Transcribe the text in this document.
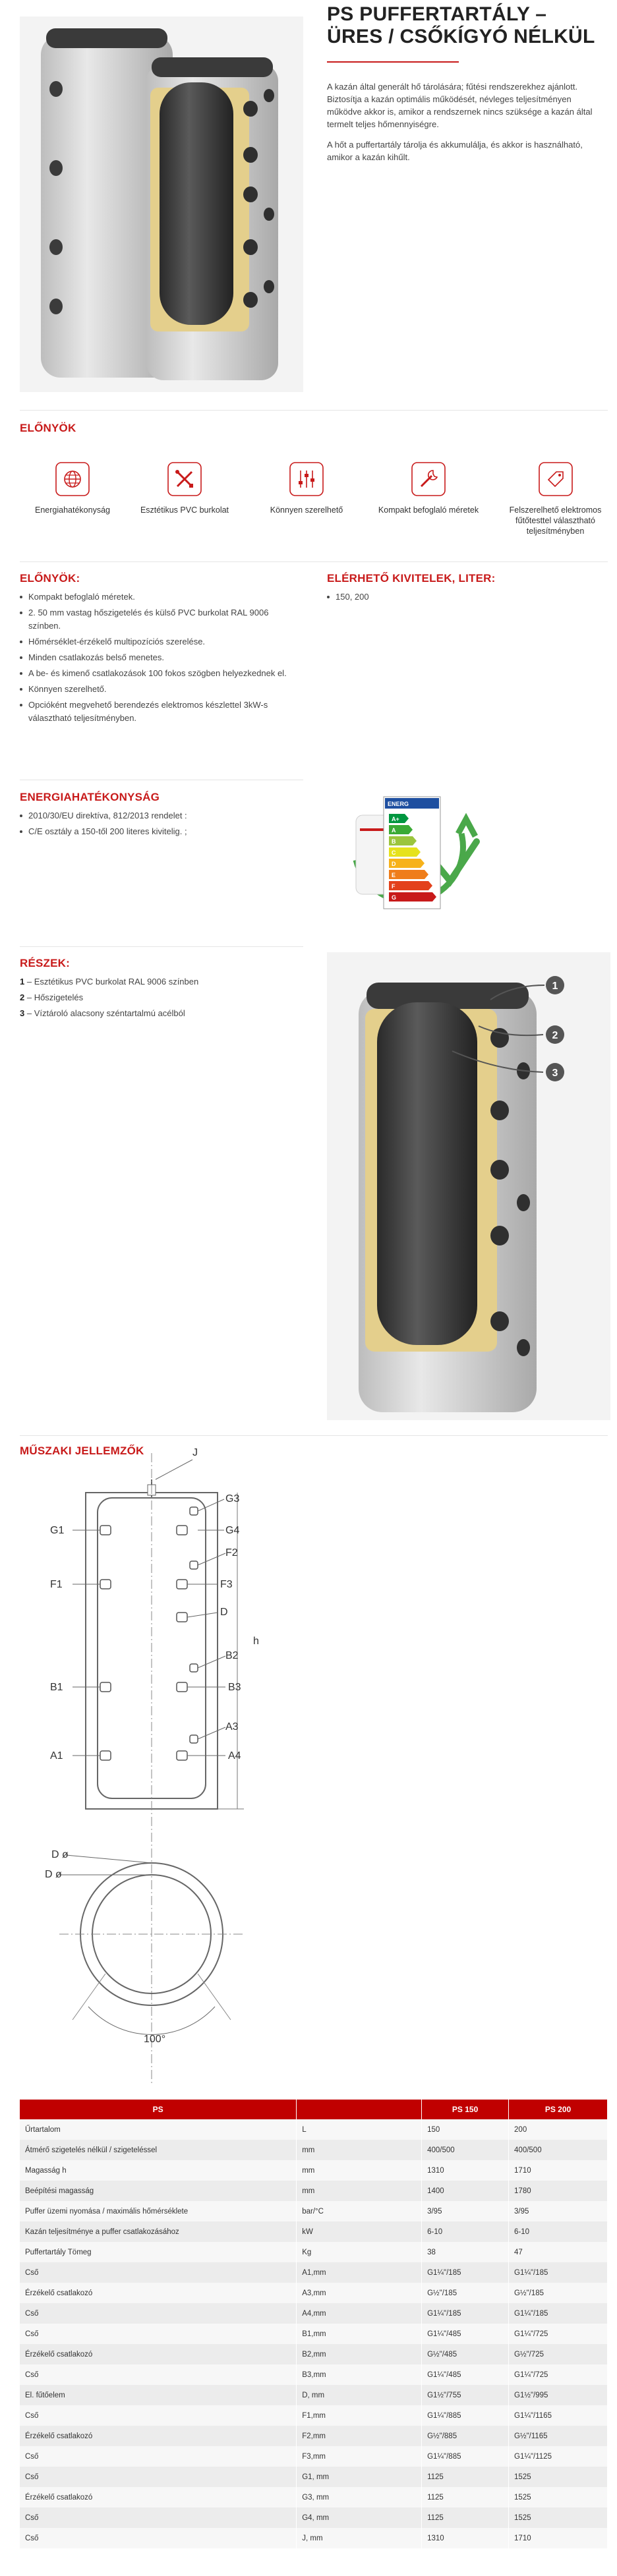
PS PUFFERTARTÁLY – ÜRES / CSŐKÍGYÓ NÉLKÜL

A kazán által generált hő tárolására; fűtési rendszerekhez ajánlott. Biztosítja a kazán optimális működését, névleges teljesítményen működve akkor is, amikor a rendszernek nincs szüksége a kazán által termelt teljes hőmennyiségre.

A hőt a puffertartály tárolja és akkumulálja, és akkor is használható, amikor a kazán kihűlt.

ELŐNYÖK
Energiahatékonyság	Esztétikus PVC burkolat	Könnyen szerelhető	Kompakt befoglaló méretek	Felszerelhető elektromos fűtőtesttel választható teljesítményben
ELŐNYÖK:
Kompakt befoglaló méretek.
2. 50 mm vastag hőszigetelés és külső PVC burkolat RAL 9006 színben.
Hőmérséklet-érzékelő multipozíciós szerelése.
Minden csatlakozás belső menetes.
A be- és kimenő csatlakozások 100 fokos szögben helyezkednek el.
Könnyen szerelhető.
Opcióként megvehető berendezés elektromos készlettel 3kW-s választható teljesítményben.
ELÉRHETŐ KIVITELEK, LITER:
150, 200
ENERGIAHATÉKONYSÁG
2010/30/EU direktíva, 812/2013 rendelet :
C/E osztály a 150-től 200 literes kivitelig. ;
ENERG
A+
A
B
C
D
E
F
G
RÉSZEK:

1 – Esztétikus PVC burkolat RAL 9006 színben

2 – Hőszigetelés

3 – Víztároló alacsony széntartalmú acélból

1
2
3
MŰSZAKI JELLEMZŐK	J
G3
G1	G4
F2
F1	F3
D
h
B2
B1	B3
A3
A1	A4
D ø
D ø
100°
PS		PS 150	PS 200
Űrtartalom	L	150	200
Átmérő szigetelés nélkül / szigeteléssel	mm	400/500	400/500
Magasság h	mm	1310	1710
Beépítési magasság	mm	1400	1780
Puffer üzemi nyomása / maximális hőmérséklete	bar/°C	3/95	3/95
Kazán teljesítménye a puffer csatlakozásához	kW	6-10	6-10
Puffertartály Tömeg	Kg	38	47
Cső	A1,mm	G1¼"/185	G1¼"/185
Érzékelő csatlakozó	A3,mm	G½"/185	G½"/185
Cső	A4,mm	G1¼"/185	G1¼"/185
Cső	B1,mm	G1¼"/485	G1¼"/725
Érzékelő csatlakozó	B2,mm	G½"/485	G½"/725
Cső	B3,mm	G1¼"/485	G1¼"/725
El. fűtőelem	D, mm	G1½"/755	G1½"/995
Cső	F1,mm	G1¼"/885	G1¼"/1165
Érzékelő csatlakozó	F2,mm	G½"/885	G½"/1165
Cső	F3,mm	G1¼"/885	G1¼"/1125
Cső	G1, mm	1125	1525
Érzékelő csatlakozó	G3, mm	1125	1525
Cső	G4, mm	1125	1525
Cső	J, mm	1310	1710
